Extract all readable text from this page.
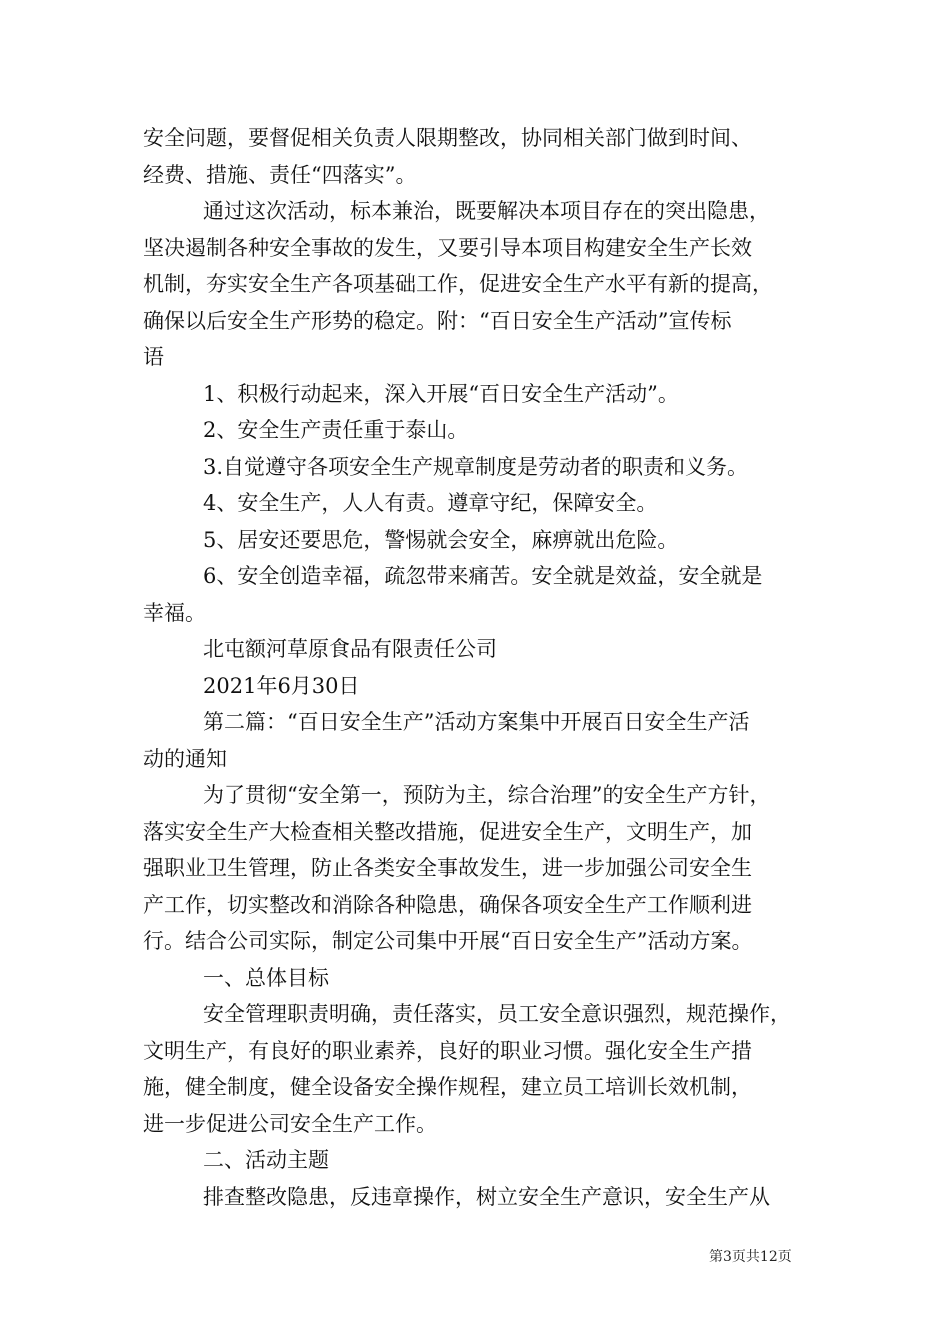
安全问题，要督促相关负责人限期整改，协同相关部门做到时间、
经费、措施、责任“四落实”。
通过这次活动，标本兼治，既要解决本项目存在的突出隐患，
坚决遏制各种安全事故的发生，又要引导本项目构建安全生产长效
机制，夯实安全生产各项基础工作，促进安全生产水平有新的提高，
确保以后安全生产形势的稳定。附：“百日安全生产活动”宣传标
语
1、积极行动起来，深入开展“百日安全生产活动”。
2、安全生产责任重于泰山。
3.自觉遵守各项安全生产规章制度是劳动者的职责和义务。
4、安全生产，人人有责。遵章守纪，保障安全。
5、居安还要思危，警惕就会安全，麻痹就出危险。
6、安全创造幸福，疏忽带来痛苦。安全就是效益，安全就是
幸福。
北屯额河草原食品有限责任公司
2021年6月30日
第二篇：“百日安全生产”活动方案集中开展百日安全生产活
动的通知
为了贯彻“安全第一，预防为主，综合治理”的安全生产方针，
落实安全生产大检查相关整改措施，促进安全生产，文明生产，加
强职业卫生管理，防止各类安全事故发生，进一步加强公司安全生
产工作，切实整改和消除各种隐患，确保各项安全生产工作顺利进
行。结合公司实际，制定公司集中开展“百日安全生产”活动方案。
一、总体目标
安全管理职责明确，责任落实，员工安全意识强烈，规范操作，
文明生产，有良好的职业素养，良好的职业习惯。强化安全生产措
施，健全制度，健全设备安全操作规程，建立员工培训长效机制，
进一步促进公司安全生产工作。
二、活动主题
排查整改隐患，反违章操作，树立安全生产意识，安全生产从
第3页共12页
